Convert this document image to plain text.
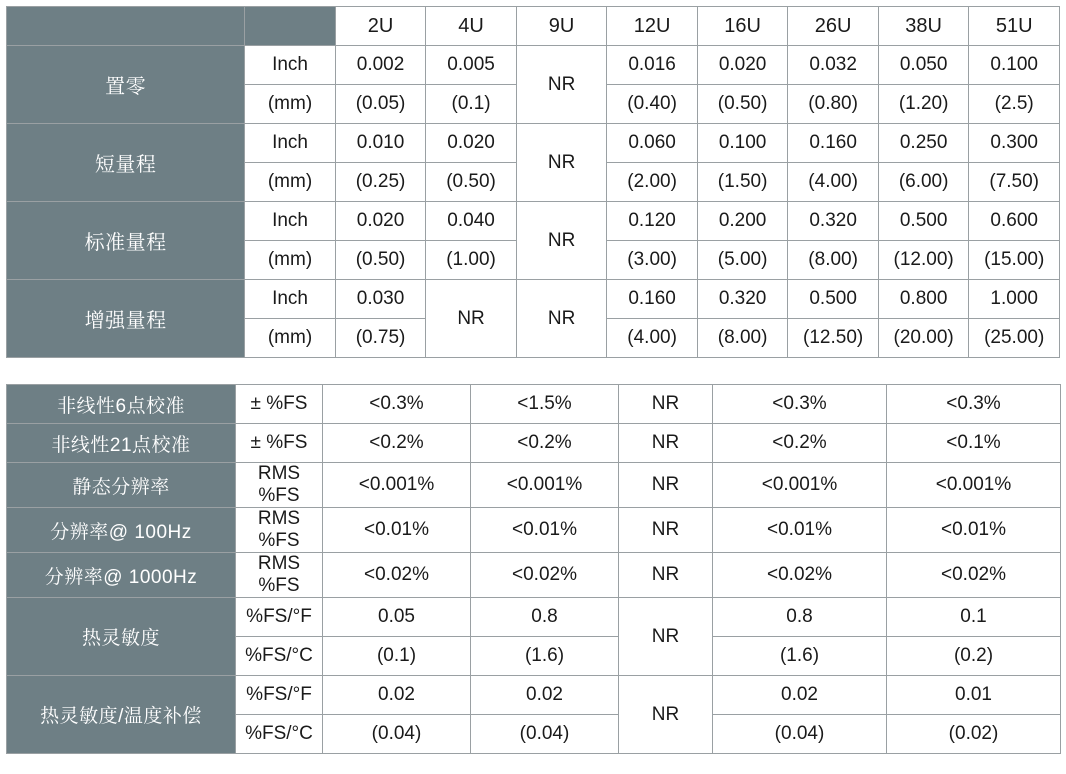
		2U	4U	9U	12U	16U	26U	38U	51U
置零	Inch	0.002	0.005	NR	0.016	0.020	0.032	0.050	0.100
	(mm)	(0.05)	(0.1)		(0.40)	(0.50)	(0.80)	(1.20)	(2.5)
短量程	Inch	0.010	0.020	NR	0.060	0.100	0.160	0.250	0.300
	(mm)	(0.25)	(0.50)		(2.00)	(1.50)	(4.00)	(6.00)	(7.50)
标准量程	Inch	0.020	0.040	NR	0.120	0.200	0.320	0.500	0.600
	(mm)	(0.50)	(1.00)		(3.00)	(5.00)	(8.00)	(12.00)	(15.00)
增强量程	Inch	0.030	NR	NR	0.160	0.320	0.500	0.800	1.000
	(mm)	(0.75)			(4.00)	(8.00)	(12.50)	(20.00)	(25.00)
非线性6点校准	± %FS	<0.3%	<1.5%	NR	<0.3%	<0.3%
非线性21点校准	± %FS	<0.2%	<0.2%	NR	<0.2%	<0.1%
静态分辨率	RMS %FS	<0.001%	<0.001%	NR	<0.001%	<0.001%
分辨率@ 100Hz	RMS %FS	<0.01%	<0.01%	NR	<0.01%	<0.01%
分辨率@ 1000Hz	RMS %FS	<0.02%	<0.02%	NR	<0.02%	<0.02%
热灵敏度	%FS/°F	0.05	0.8	NR	0.8	0.1
	%FS/°C	(0.1)	(1.6)		(1.6)	(0.2)
热灵敏度/温度补偿	%FS/°F	0.02	0.02	NR	0.02	0.01
	%FS/°C	(0.04)	(0.04)		(0.04)	(0.02)
